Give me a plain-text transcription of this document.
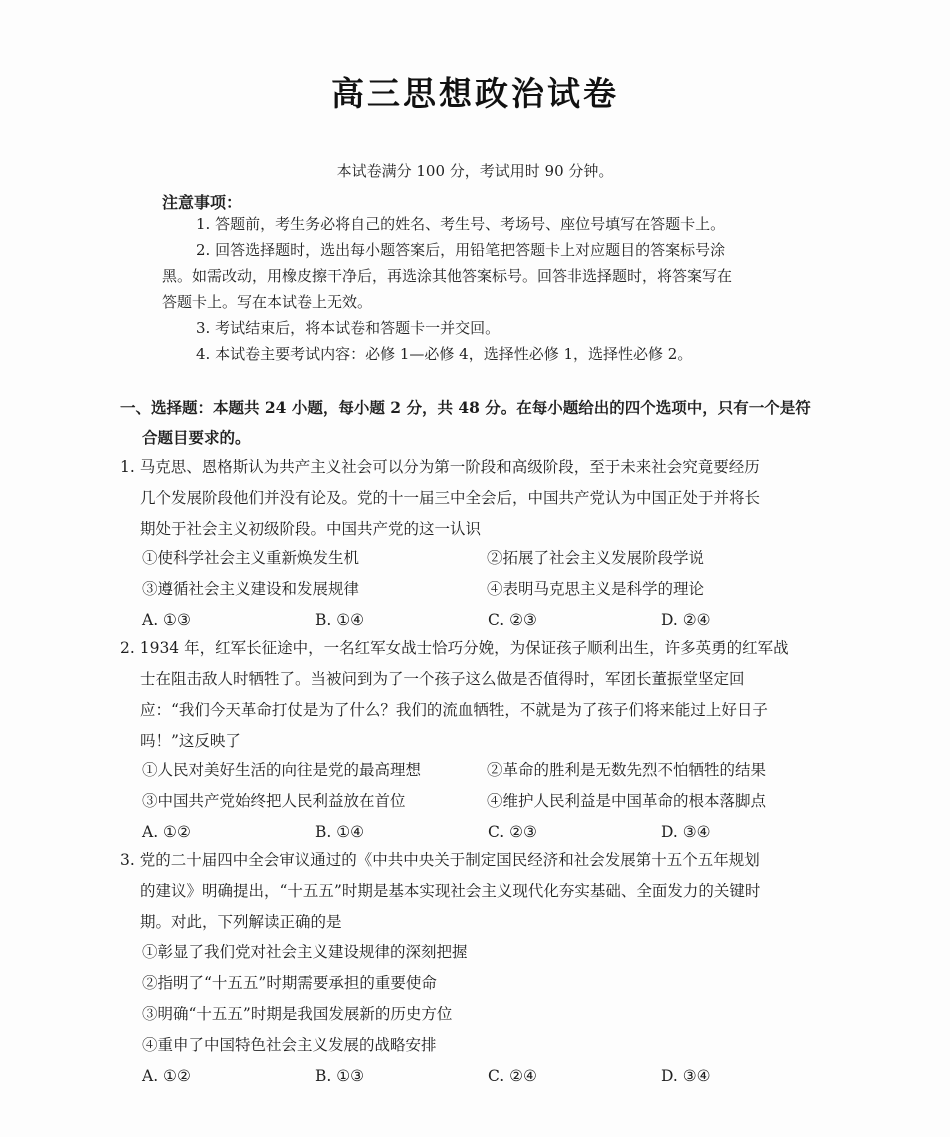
高三思想政治试卷
本试卷满分 100 分，考试用时 90 分钟。
注意事项：
1. 答题前，考生务必将自己的姓名、考生号、考场号、座位号填写在答题卡上。
2. 回答选择题时，选出每小题答案后，用铅笔把答题卡上对应题目的答案标号涂
黑。如需改动，用橡皮擦干净后，再选涂其他答案标号。回答非选择题时，将答案写在
答题卡上。写在本试卷上无效。
3. 考试结束后，将本试卷和答题卡一并交回。
4. 本试卷主要考试内容：必修 1—必修 4，选择性必修 1，选择性必修 2。
一、选择题：本题共 24 小题，每小题 2 分，共 48 分。在每小题给出的四个选项中，只有一个是符
合题目要求的。
1. 马克思、恩格斯认为共产主义社会可以分为第一阶段和高级阶段，至于未来社会究竟要经历
几个发展阶段他们并没有论及。党的十一届三中全会后，中国共产党认为中国正处于并将长
期处于社会主义初级阶段。中国共产党的这一认识
①使科学社会主义重新焕发生机	②拓展了社会主义发展阶段学说
③遵循社会主义建设和发展规律	④表明马克思主义是科学的理论
A. ①③	B. ①④	C. ②③	D. ②④
2. 1934 年，红军长征途中，一名红军女战士恰巧分娩，为保证孩子顺利出生，许多英勇的红军战
士在阻击敌人时牺牲了。当被问到为了一个孩子这么做是否值得时，军团长董振堂坚定回
应：“我们今天革命打仗是为了什么？我们的流血牺牲，不就是为了孩子们将来能过上好日子
吗！”这反映了
①人民对美好生活的向往是党的最高理想	②革命的胜利是无数先烈不怕牺牲的结果
③中国共产党始终把人民利益放在首位	④维护人民利益是中国革命的根本落脚点
A. ①②	B. ①④	C. ②③	D. ③④
3. 党的二十届四中全会审议通过的《中共中央关于制定国民经济和社会发展第十五个五年规划
的建议》明确提出，“十五五”时期是基本实现社会主义现代化夯实基础、全面发力的关键时
期。对此，下列解读正确的是
①彰显了我们党对社会主义建设规律的深刻把握
②指明了“十五五”时期需要承担的重要使命
③明确“十五五”时期是我国发展新的历史方位
④重申了中国特色社会主义发展的战略安排
A. ①②	B. ①③	C. ②④	D. ③④
